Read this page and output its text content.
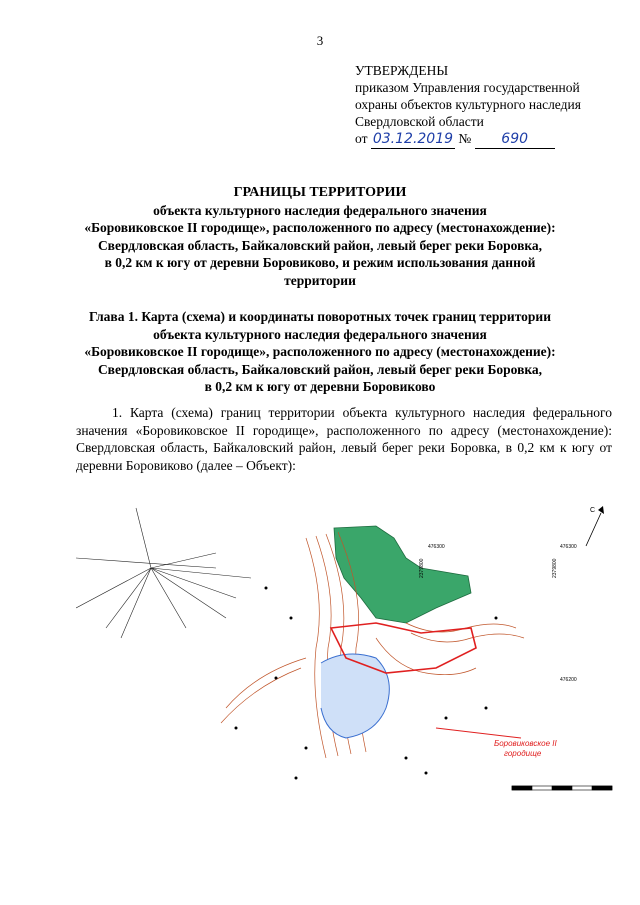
3
УТВЕРЖДЕНЫ
приказом Управления государственной
охраны объектов культурного наследия
Свердловской области
от 03.12.2019 № 690
ГРАНИЦЫ ТЕРРИТОРИИ
объекта культурного наследия федерального значения
«Боровиковское II городище», расположенного по адресу (местонахождение):
Свердловская область, Байкаловский район, левый берег реки Боровка,
в 0,2 км к югу от деревни Боровиково, и режим использования данной
территории
Глава 1. Карта (схема) и координаты поворотных точек границ территории
объекта культурного наследия федерального значения
«Боровиковское II городище», расположенного по адресу (местонахождение):
Свердловская область, Байкаловский район, левый берег реки Боровка,
в 0,2 км к югу от деревни Боровиково
1. Карта (схема) границ территории объекта культурного наследия федерального значения «Боровиковское II городище», расположенного по адресу (местонахождение): Свердловская область, Байкаловский район, левый берег реки Боровка, в 0,2 км к югу от деревни Боровиково (далее – Объект):
Боровиковское II
городище
476300	476300
476200
2379800	2379800
С
